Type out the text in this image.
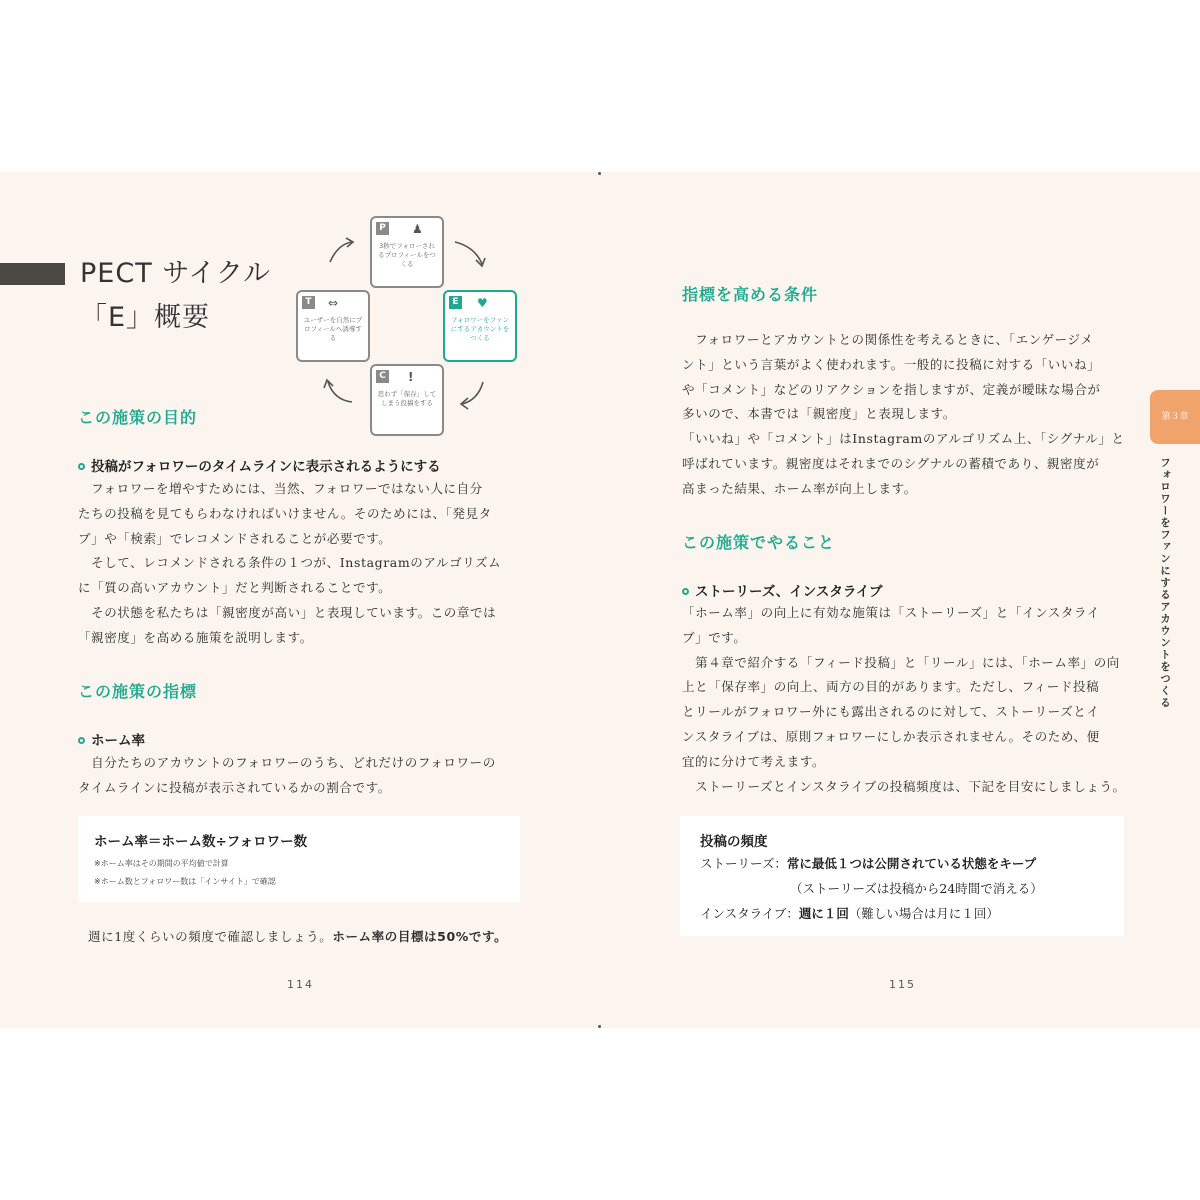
PECT サイクル
「E」概要
P ♟
3秒でフォローされるプロフィールをつくる
T ⇔
ユーザーを自然にプロフィールへ誘導する
E ♥
フォロワーをファンにするアカウントをつくる
C !
思わず「保存」してしまう投稿をする
この施策の目的
投稿がフォロワーのタイムラインに表示されるようにする

　フォロワーを増やすためには、当然、フォロワーではない人に自分

たちの投稿を見てもらわなければいけません。そのためには、「発見タ

ブ」や「検索」でレコメンドされることが必要です。

　そして、レコメンドされる条件の１つが、Instagramのアルゴリズム

に「質の高いアカウント」だと判断されることです。

　その状態を私たちは「親密度が高い」と表現しています。この章では

「親密度」を高める施策を説明します。

この施策の指標
ホーム率

　自分たちのアカウントのフォロワーのうち、どれだけのフォロワーの

タイムラインに投稿が表示されているかの割合です。

ホーム率＝ホーム数÷フォロワー数
※ホーム率はその期間の平均値で計算
※ホーム数とフォロワー数は「インサイト」で確認
週に1度くらいの頻度で確認しましょう。ホーム率の目標は50%です。
114
指標を高める条件

　フォロワーとアカウントとの関係性を考えるときに、「エンゲージメ

ント」という言葉がよく使われます。一般的に投稿に対する「いいね」

や「コメント」などのリアクションを指しますが、定義が曖昧な場合が

多いので、本書では「親密度」と表現します。

「いいね」や「コメント」はInstagramのアルゴリズム上、「シグナル」と

呼ばれています。親密度はそれまでのシグナルの蓄積であり、親密度が

高まった結果、ホーム率が向上します。

この施策でやること
ストーリーズ、インスタライブ

「ホーム率」の向上に有効な施策は「ストーリーズ」と「インスタライ

ブ」です。

　第４章で紹介する「フィード投稿」と「リール」には、「ホーム率」の向

上と「保存率」の向上、両方の目的があります。ただし、フィード投稿

とリールがフォロワー外にも露出されるのに対して、ストーリーズとイ

ンスタライブは、原則フォロワーにしか表示されません。そのため、便

宜的に分けて考えます。

　ストーリーズとインスタライブの投稿頻度は、下記を目安にしましょう。

投稿の頻度
ストーリーズ：常に最低１つは公開されている状態をキープ
（ストーリーズは投稿から24時間で消える）
インスタライブ：週に１回（難しい場合は月に１回）
115
第３章
フォロワーをファンにするアカウントをつくる
